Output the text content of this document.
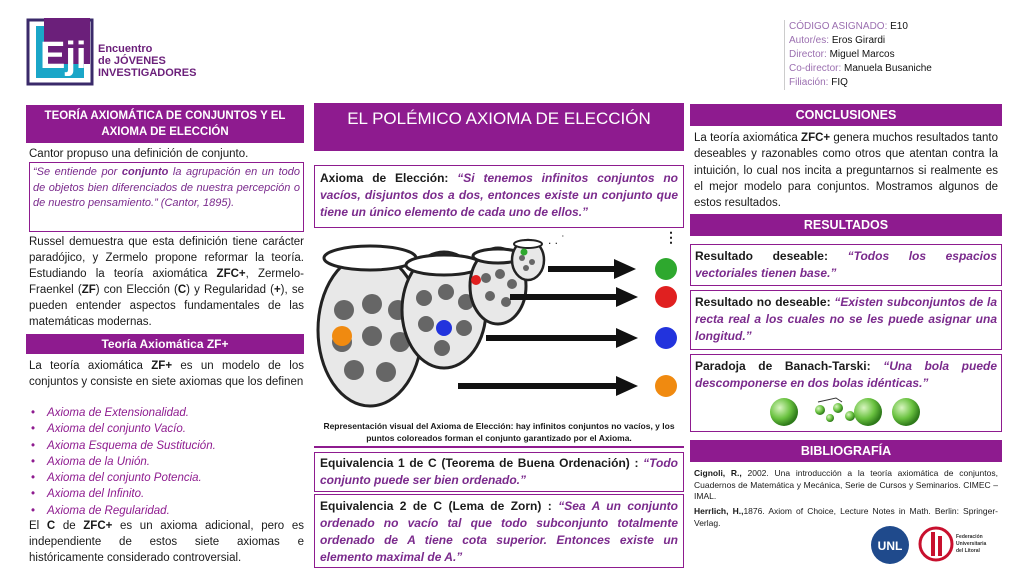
Eji Encuentro
de JÓVENES
INVESTIGADORES
CÓDIGO ASIGNADO: E10
Autor/es: Eros Girardi
Director: Miguel Marcos
Co-director: Manuela Busaniche
Filiación: FIQ
TEORÍA AXIOMÁTICA DE CONJUNTOS Y EL AXIOMA DE ELECCIÓN
Cantor propuso una definición de conjunto.
“Se entiende por conjunto la agrupación en un todo de objetos bien diferenciados de nuestra percepción o de nuestro pensamiento.” (Cantor, 1895).
Russel demuestra que esta definición tiene carácter paradójico, y Zermelo propone reformar la teoría. Estudiando la teoría axiomática ZFC+, Zermelo-Fraenkel (ZF) con Elección (C) y Regularidad (+), se pueden entender aspectos fundamentales de las matemáticas modernas.
Teoría Axiomática ZF+
La teoría axiomática ZF+ es un modelo de los conjuntos y consiste en siete axiomas que los definen
• Axioma de Extensionalidad.
• Axioma del conjunto Vacío.
• Axioma Esquema de Sustitución.
• Axioma de la Unión.
• Axioma del conjunto Potencia.
• Axioma del Infinito.
• Axioma de Regularidad.
El C de ZFC+ es un axioma adicional, pero es independiente de estos siete axiomas e históricamente considerado controversial.
EL POLÉMICO AXIOMA DE ELECCIÓN
Axioma de Elección: “Si tenemos infinitos conjuntos no vacíos, disjuntos dos a dos, entonces existe un conjunto que tiene un único elemento de cada uno de ellos.”
. . ˙	⋮
Representación visual del Axioma de Elección: hay infinitos conjuntos no vacíos, y los puntos coloreados forman el conjunto garantizado por el Axioma.
Equivalencia 1 de C (Teorema de Buena Ordenación) : “Todo conjunto puede ser bien ordenado.”
Equivalencia 2 de C (Lema de Zorn) : “Sea A un conjunto ordenado no vacío tal que todo subconjunto totalmente ordenado de A tiene cota superior. Entonces existe un elemento maximal de A.”
CONCLUSIONES
La teoría axiomática ZFC+ genera muchos resultados tanto deseables y razonables como otros que atentan contra la intuición, lo cual nos incita a preguntarnos si realmente es el mejor modelo para conjuntos. Mostramos algunos de estos resultados.
RESULTADOS
Resultado deseable: “Todos los espacios vectoriales tienen base.”
Resultado no deseable: “Existen subconjuntos de la recta real a los cuales no se les puede asignar una longitud.”
Paradoja de Banach-Tarski: “Una bola puede descomponerse en dos bolas idénticas.”
BIBLIOGRAFÍA
Cignoli, R., 2002. Una introducción a la teoría axiomática de conjuntos, Cuadernos de Matemática y Mecánica, Serie de Cursos y Seminarios. CIMEC – IMAL.
Herrlich, H.,1876. Axiom of Choice, Lecture Notes in Math. Berlin: Springer-Verlag.
UNL
Federación
Universitaria
del Litoral
